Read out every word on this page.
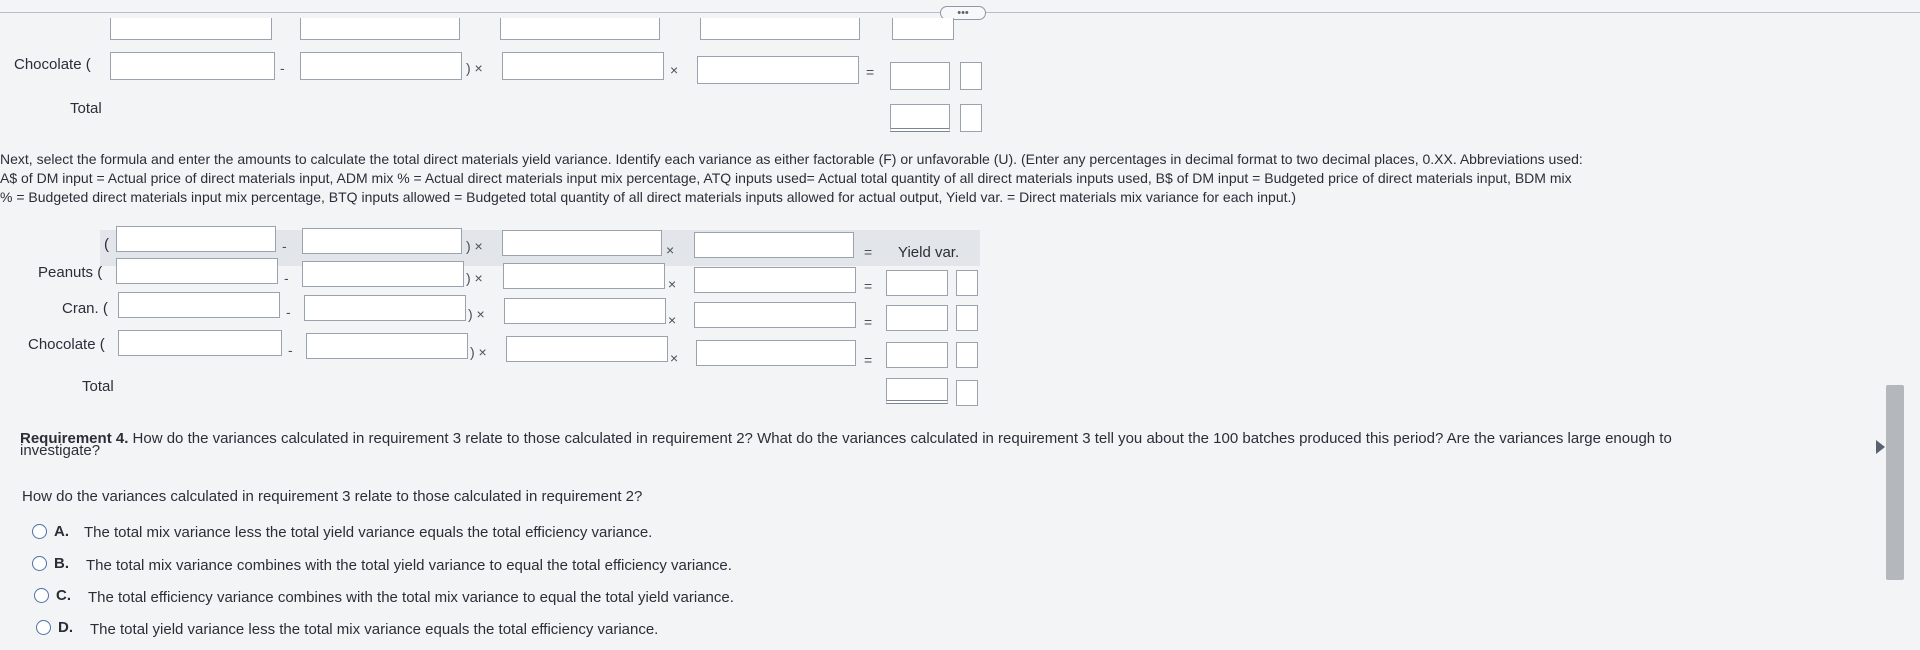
•••
Chocolate (	-	) ×	×	=
Total
Next, select the formula and enter the amounts to calculate the total direct materials yield variance. Identify each variance as either factorable (F) or unfavorable (U). (Enter any percentages in decimal format to two decimal places, 0.XX. Abbreviations used:
A$ of DM input = Actual price of direct materials input, ADM mix % = Actual direct materials input mix percentage, ATQ inputs used= Actual total quantity of all direct materials inputs used, B$ of DM input = Budgeted price of direct materials input, BDM mix
% = Budgeted direct materials input mix percentage, BTQ inputs allowed = Budgeted total quantity of all direct materials inputs allowed for actual output, Yield var. = Direct materials mix variance for each input.)
(	-	) ×	×	= Yield var.
Peanuts (	-	) ×	×	=
Cran. (	-	) ×	×	=
Chocolate (	-	) ×	×	=
Total
Requirement 4. How do the variances calculated in requirement 3 relate to those calculated in requirement 2? What do the variances calculated in requirement 3 tell you about the 100 batches produced this period? Are the variances large enough to
investigate?
How do the variances calculated in requirement 3 relate to those calculated in requirement 2?
A. The total mix variance less the total yield variance equals the total efficiency variance.
B. The total mix variance combines with the total yield variance to equal the total efficiency variance.
C. The total efficiency variance combines with the total mix variance to equal the total yield variance.
D. The total yield variance less the total mix variance equals the total efficiency variance.
